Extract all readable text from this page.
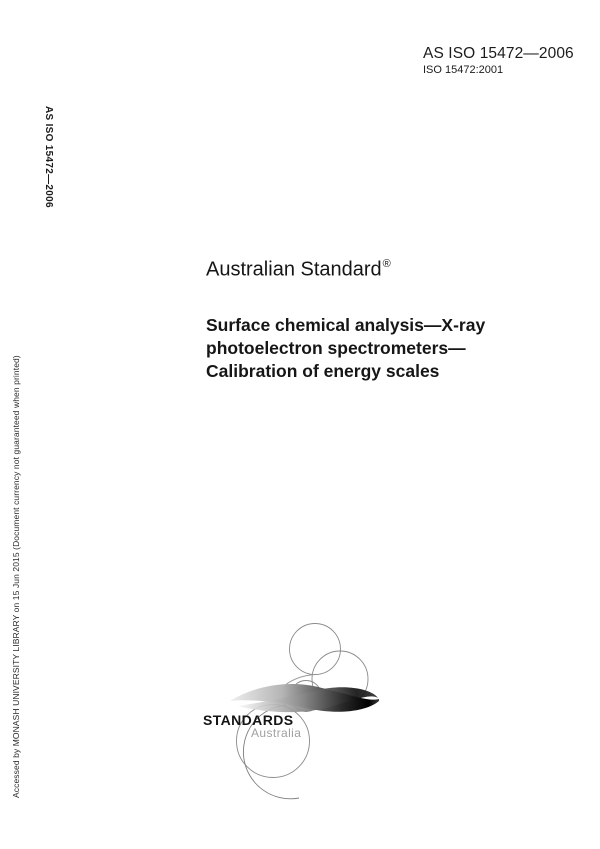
AS ISO 15472—2006
ISO 15472:2001
AS ISO 15472—2006
Accessed by MONASH UNIVERSITY LIBRARY on 15 Jun 2015 (Document currency not guaranteed when printed)
Australian Standard®
Surface chemical analysis—X-ray
photoelectron spectrometers—
Calibration of energy scales
STANDARDS
Australia
